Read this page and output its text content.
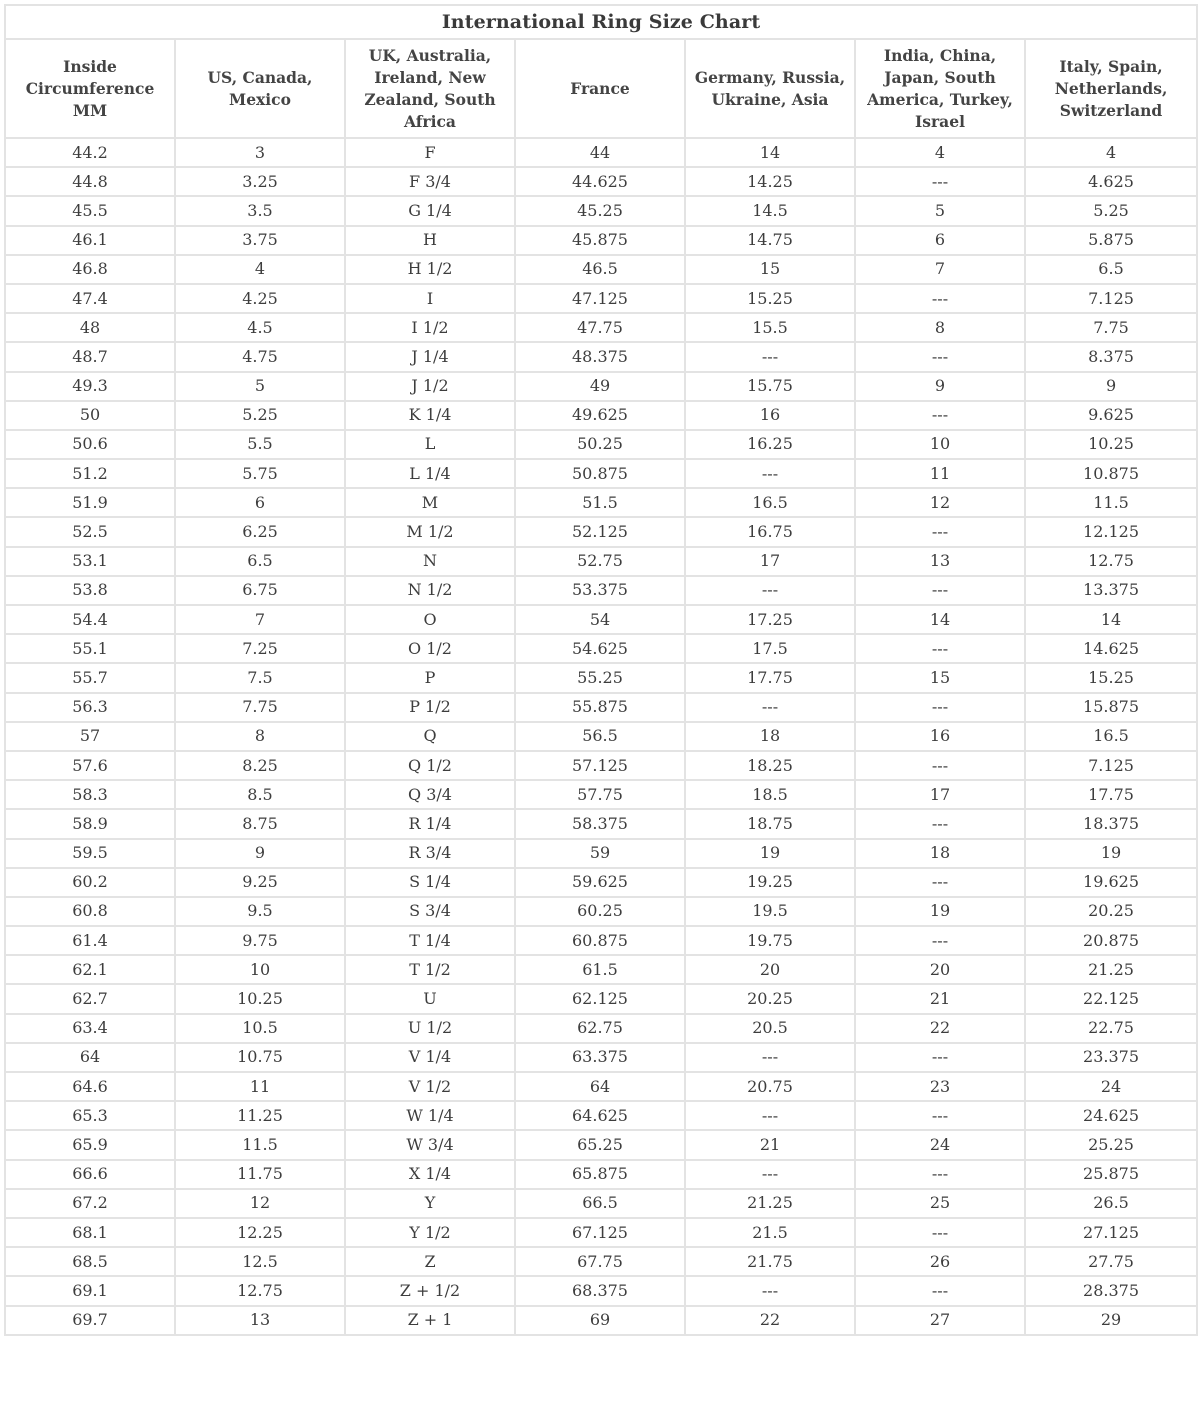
International Ring Size Chart						
Inside Circumference MM	US, Canada, Mexico	UK, Australia, Ireland, New Zealand, South Africa	France	Germany, Russia, Ukraine, Asia	India, China, Japan, South America, Turkey, Israel	Italy, Spain, Netherlands, Switzerland
44.2	3	F	44	14	4	4
44.8	3.25	F 3/4	44.625	14.25	---	4.625
45.5	3.5	G 1/4	45.25	14.5	5	5.25
46.1	3.75	H	45.875	14.75	6	5.875
46.8	4	H 1/2	46.5	15	7	6.5
47.4	4.25	I	47.125	15.25	---	7.125
48	4.5	I 1/2	47.75	15.5	8	7.75
48.7	4.75	J 1/4	48.375	---	---	8.375
49.3	5	J 1/2	49	15.75	9	9
50	5.25	K 1/4	49.625	16	---	9.625
50.6	5.5	L	50.25	16.25	10	10.25
51.2	5.75	L 1/4	50.875	---	11	10.875
51.9	6	M	51.5	16.5	12	11.5
52.5	6.25	M 1/2	52.125	16.75	---	12.125
53.1	6.5	N	52.75	17	13	12.75
53.8	6.75	N 1/2	53.375	---	---	13.375
54.4	7	O	54	17.25	14	14
55.1	7.25	O 1/2	54.625	17.5	---	14.625
55.7	7.5	P	55.25	17.75	15	15.25
56.3	7.75	P 1/2	55.875	---	---	15.875
57	8	Q	56.5	18	16	16.5
57.6	8.25	Q 1/2	57.125	18.25	---	7.125
58.3	8.5	Q 3/4	57.75	18.5	17	17.75
58.9	8.75	R 1/4	58.375	18.75	---	18.375
59.5	9	R 3/4	59	19	18	19
60.2	9.25	S 1/4	59.625	19.25	---	19.625
60.8	9.5	S 3/4	60.25	19.5	19	20.25
61.4	9.75	T 1/4	60.875	19.75	---	20.875
62.1	10	T 1/2	61.5	20	20	21.25
62.7	10.25	U	62.125	20.25	21	22.125
63.4	10.5	U 1/2	62.75	20.5	22	22.75
64	10.75	V 1/4	63.375	---	---	23.375
64.6	11	V 1/2	64	20.75	23	24
65.3	11.25	W 1/4	64.625	---	---	24.625
65.9	11.5	W 3/4	65.25	21	24	25.25
66.6	11.75	X 1/4	65.875	---	---	25.875
67.2	12	Y	66.5	21.25	25	26.5
68.1	12.25	Y 1/2	67.125	21.5	---	27.125
68.5	12.5	Z	67.75	21.75	26	27.75
69.1	12.75	Z + 1/2	68.375	---	---	28.375
69.7	13	Z + 1	69	22	27	29
